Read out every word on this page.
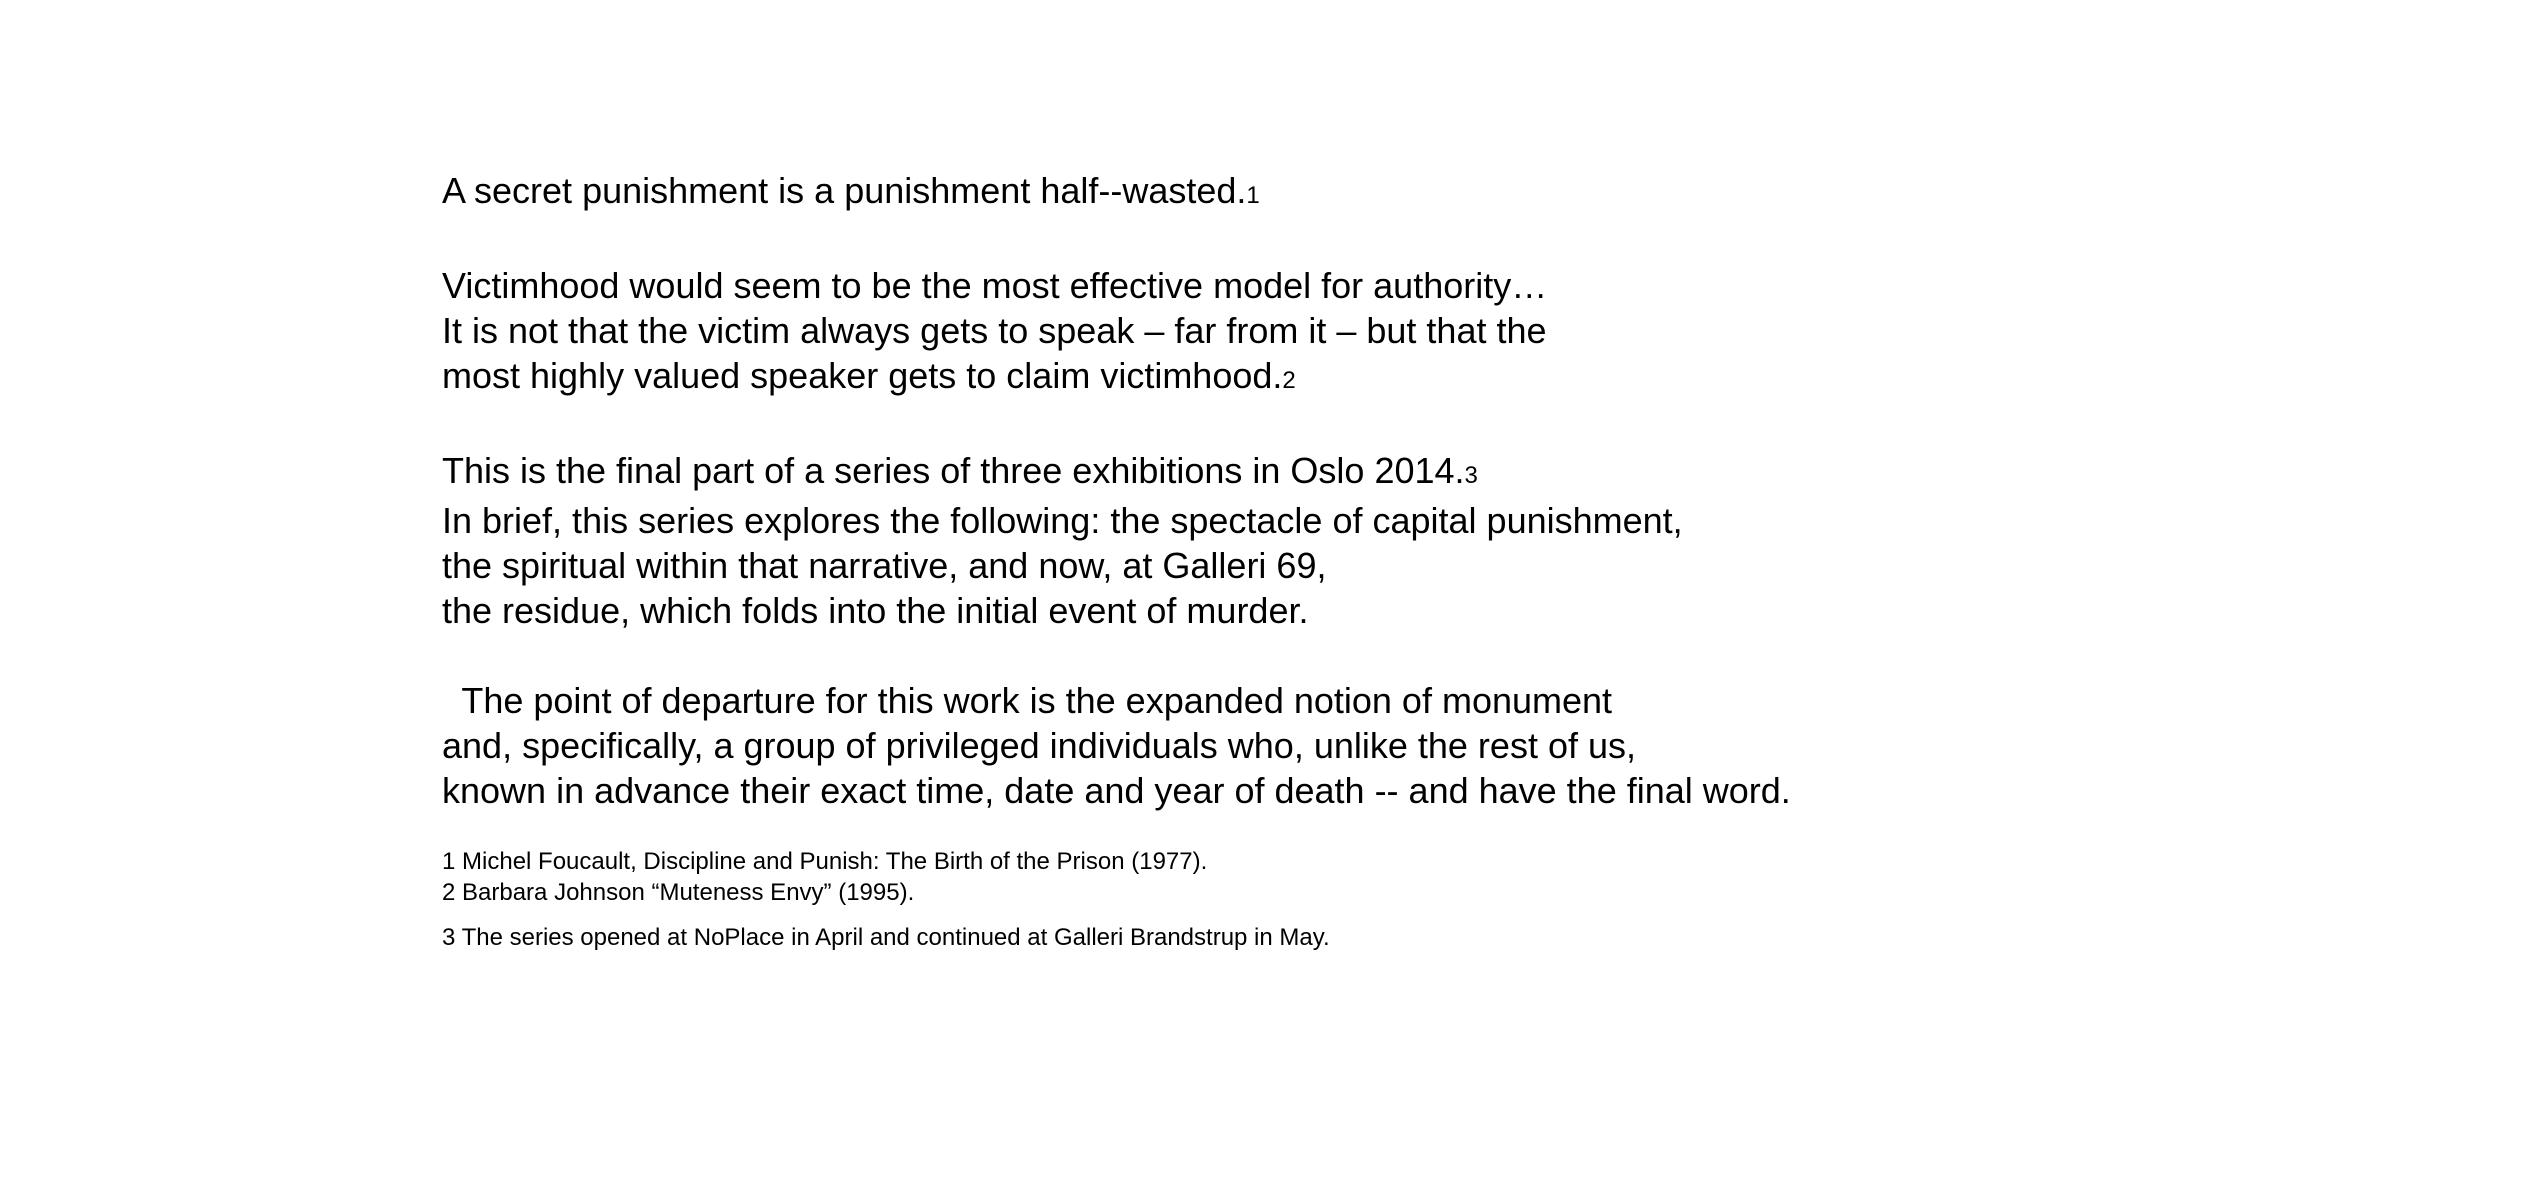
A secret punishment is a punishment half--wasted.1
Victimhood would seem to be the most effective model for authority…
It is not that the victim always gets to speak – far from it – but that the
most highly valued speaker gets to claim victimhood.2
This is the final part of a series of three exhibitions in Oslo 2014.3
In brief, this series explores the following: the spectacle of capital punishment,
the spiritual within that narrative, and now, at Galleri 69,
the residue, which folds into the initial event of murder.
The point of departure for this work is the expanded notion of monument
and, specifically, a group of privileged individuals who, unlike the rest of us,
known in advance their exact time, date and year of death -- and have the final word.
1 Michel Foucault, Discipline and Punish: The Birth of the Prison (1977).
2 Barbara Johnson “Muteness Envy” (1995).
3 The series opened at NoPlace in April and continued at Galleri Brandstrup in May.
